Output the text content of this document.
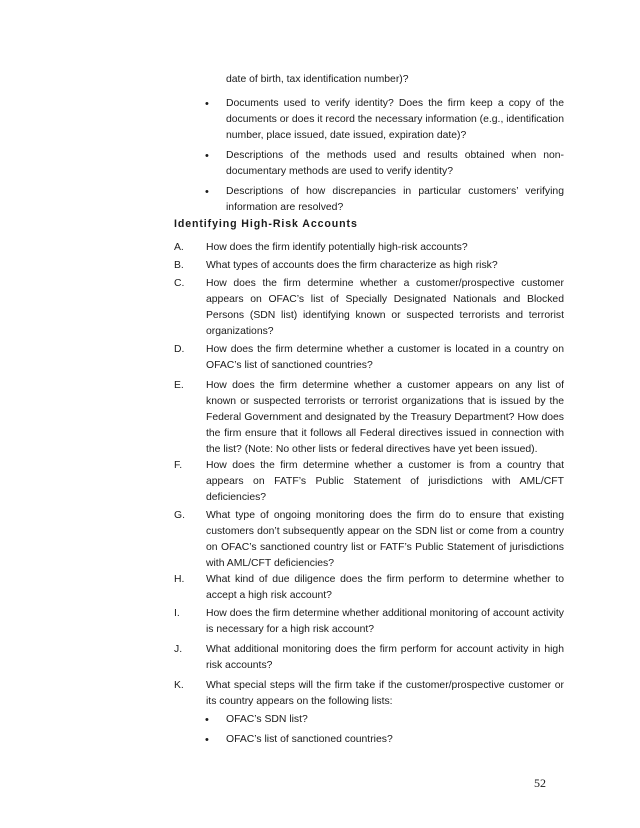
date of birth, tax identification number)?
• Documents used to verify identity? Does the firm keep a copy of the documents or does it record the necessary information (e.g., identification number, place issued, date issued, expiration date)?
• Descriptions of the methods used and results obtained when non-documentary methods are used to verify identity?
• Descriptions of how discrepancies in particular customers’ verifying information are resolved?
Identifying High-Risk Accounts
A. How does the firm identify potentially high-risk accounts?
B. What types of accounts does the firm characterize as high risk?
C. How does the firm determine whether a customer/prospective customer appears on OFAC’s list of Specially Designated Nationals and Blocked Persons (SDN list) identifying known or suspected terrorists and terrorist organizations?
D. How does the firm determine whether a customer is located in a country on OFAC’s list of sanctioned countries?
E. How does the firm determine whether a customer appears on any list of known or suspected terrorists or terrorist organizations that is issued by the Federal Government and designated by the Treasury Department? How does the firm ensure that it follows all Federal directives issued in connection with the list? (Note: No other lists or federal directives have yet been issued).
F. How does the firm determine whether a customer is from a country that appears on FATF’s Public Statement of jurisdictions with AML/CFT deficiencies?
G. What type of ongoing monitoring does the firm do to ensure that existing customers don’t subsequently appear on the SDN list or come from a country on OFAC’s sanctioned country list or FATF’s Public Statement of jurisdictions with AML/CFT deficiencies?
H. What kind of due diligence does the firm perform to determine whether to accept a high risk account?
I.	How does the firm determine whether additional monitoring of account activity is necessary for a high risk account?
J. What additional monitoring does the firm perform for account activity in high risk accounts?
K. What special steps will the firm take if the customer/prospective customer or its country appears on the following lists:
• OFAC’s SDN list?
• OFAC’s list of sanctioned countries?
52
